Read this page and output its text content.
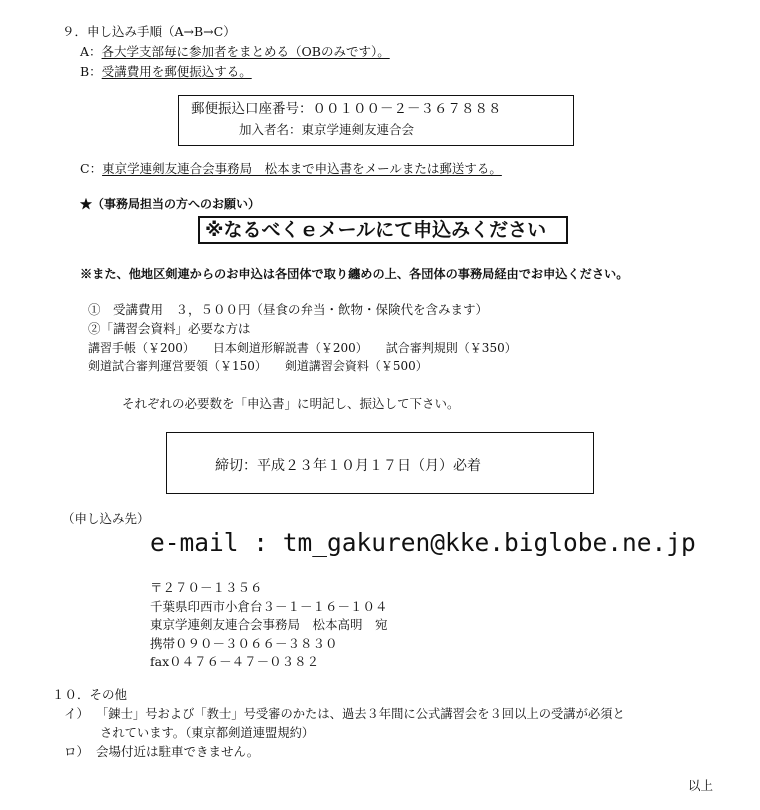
９．申し込み手順（A→B→C）
A：各大学支部毎に参加者をまとめる（OBのみです）。
B：受講費用を郵便振込する。
郵便振込口座番号：００１００－２－３６７８８８
加入者名：東京学連剣友連合会
C：東京学連剣友連合会事務局　松本まで申込書をメールまたは郵送する。
★（事務局担当の方へのお願い）
※なるべくｅメールにて申込みください
※また、他地区剣連からのお申込は各団体で取り纏めの上、各団体の事務局経由でお申込ください。
①　受講費用　３，５００円（昼食の弁当・飲物・保険代を含みます）
②「講習会資料」必要な方は
講習手帳（￥200）　　日本剣道形解説書（￥200）　　試合審判規則（￥350）
剣道試合審判運営要領（￥150）　　剣道講習会資料（￥500）
それぞれの必要数を「申込書」に明記し、振込して下さい。
締切：平成２３年１０月１７日（月）必着
（申し込み先）
e-mail : tm_gakuren@kke.biglobe.ne.jp
〒２７０－１３５６
千葉県印西市小倉台３－１－１６－１０４
東京学連剣友連合会事務局　松本高明　宛
携帯０９０－３０６６－３８３０
fax０４７６－４７－０３８２
１０．その他
イ） 「錬士」号および「教士」号受審のかたは、過去３年間に公式講習会を３回以上の受講が必須と
されています。（東京都剣道連盟規約）
ロ） 会場付近は駐車できません。
以上
